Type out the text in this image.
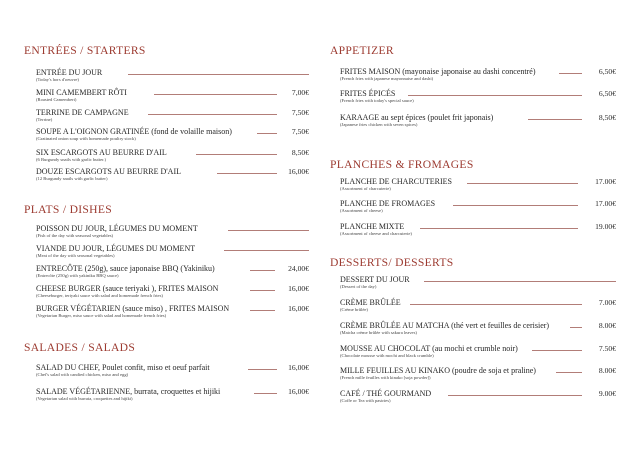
ENTRÉES / STARTERS
ENTRÉE DU JOUR
(Today's hors d'oeuvre)
MINI CAMEMBERT RÔTI	7,00€
(Roasted Camembert)
TERRINE DE CAMPAGNE	7,50€
(Terrine)
SOUPE A L'OIGNON GRATINÉE (fond de volaille maison)	7,50€
(Gratinated onion soup with homemade poultry stock)
SIX ESCARGOTS AU BEURRE D'AIL	8,50€
(6 Burgundy snails with garlic butter.)
DOUZE ESCARGOTS AU BEURRE D'AIL	16,00€
(12 Burgundy snails with garlic butter)
PLATS / DISHES
POISSON DU JOUR, LÉGUMES DU MOMENT
(Fish of the day with seasonal vegetables)
VIANDE DU JOUR, LÉGUMES DU MOMENT
(Meat of the day with seasonal vegetables)
ENTRECÔTE (250g), sauce japonaise BBQ (Yakiniku)	24,00€
(Entrecôte (250g) with yakiniku BBQ sauce)
CHEESE BURGER (sauce teriyaki ), FRITES MAISON	16,00€
(Cheeseburger, teriyaki sauce with salad and homemade french fries)
BURGER VÉGÉTARIEN (sauce miso) , FRITES MAISON	16,00€
(Vegetarian Burger, miso sauce with salad and homemade french fries)
SALADES / SALADS
SALAD DU CHEF, Poulet confit, miso et oeuf parfait	16,00€
(Chef's salad with candied chicken, miso and egg)
SALADE VÉGÉTARIENNE, burrata, croquettes et hijiki	16,00€
(Vegetarian salad with burrata, croquettes and hijiki)
APPETIZER
FRITES MAISON (mayonaise japonaise au dashi concentré)	6,50€
(French fries with japanese mayonnaise and dashi)
FRITES ÉPICÉS	6,50€
(French fries with today's special sauce)
KARAAGE au sept épices (poulet frit japonais)	8,50€
(Japanese fries chicken with seven spices)
PLANCHES & FROMAGES
PLANCHE DE CHARCUTERIES	17.00€
(Assortment of charcuterie)
PLANCHE DE FROMAGES	17.00€
(Assortment of cheese)
PLANCHE MIXTE	19.00€
(Assortment of cheese and charcuterie)
DESSERTS/ DESSERTS
DESSERT DU JOUR
(Dessert of the day)
CRÈME BRÛLÉE	7.00€
(Crème brûlée)
CRÈME BRÛLÉE AU MATCHA (thé vert et feuilles de cerisier)	8.00€
(Matcha crème brûlée with sakura leaves)
MOUSSE AU CHOCOLAT (au mochi et crumble noir)	7.50€
(Chocolate mousse with mochi and black crumble)
MILLE FEUILLES AU KINAKO (poudre de soja et praline)	8.00€
(French mille feuilles with kinako [soja powder])
CAFÉ / THÉ GOURMAND	9.00€
(Coffe or Tea with pastries)
